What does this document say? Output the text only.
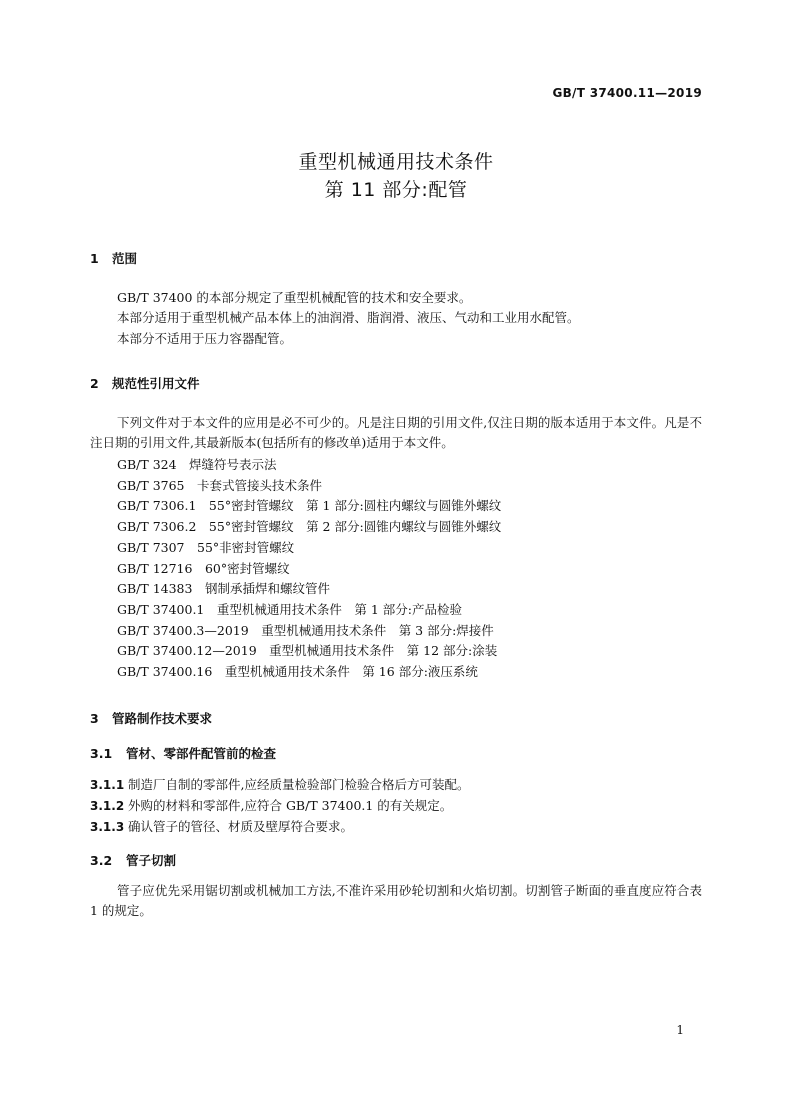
GB/T 37400.11—2019
重型机械通用技术条件
第 11 部分:配管
1 范围
GB/T 37400 的本部分规定了重型机械配管的技术和安全要求。
本部分适用于重型机械产品本体上的油润滑、脂润滑、液压、气动和工业用水配管。
本部分不适用于压力容器配管。
2 规范性引用文件
下列文件对于本文件的应用是必不可少的。凡是注日期的引用文件,仅注日期的版本适用于本文件。凡是不注日期的引用文件,其最新版本(包括所有的修改单)适用于本文件。
GB/T 324　焊缝符号表示法
GB/T 3765　卡套式管接头技术条件
GB/T 7306.1　55°密封管螺纹　第 1 部分:圆柱内螺纹与圆锥外螺纹
GB/T 7306.2　55°密封管螺纹　第 2 部分:圆锥内螺纹与圆锥外螺纹
GB/T 7307　55°非密封管螺纹
GB/T 12716　60°密封管螺纹
GB/T 14383　钢制承插焊和螺纹管件
GB/T 37400.1　重型机械通用技术条件　第 1 部分:产品检验
GB/T 37400.3—2019　重型机械通用技术条件　第 3 部分:焊接件
GB/T 37400.12—2019　重型机械通用技术条件　第 12 部分:涂装
GB/T 37400.16　重型机械通用技术条件　第 16 部分:液压系统
3 管路制作技术要求
3.1 管材、零部件配管前的检查
3.1.1 制造厂自制的零部件,应经质量检验部门检验合格后方可装配。
3.1.2 外购的材料和零部件,应符合 GB/T 37400.1 的有关规定。
3.1.3 确认管子的管径、材质及壁厚符合要求。
3.2 管子切割
管子应优先采用锯切割或机械加工方法,不准许采用砂轮切割和火焰切割。切割管子断面的垂直度应符合表 1 的规定。
1
